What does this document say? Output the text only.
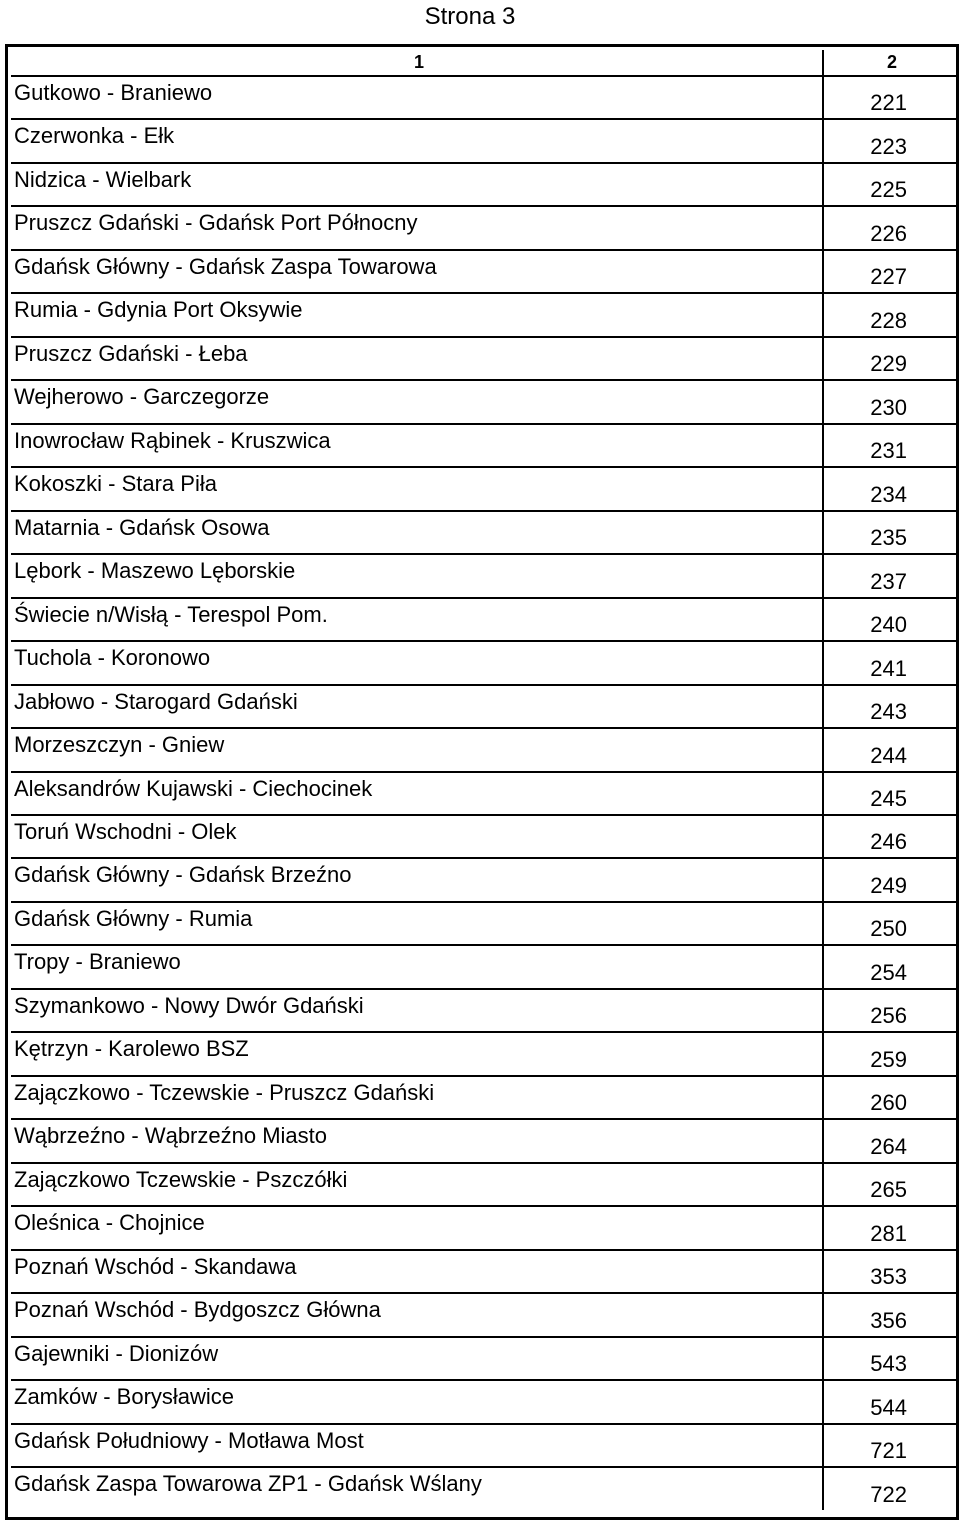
Strona 3
1	2
Gutkowo - Braniewo	221
Czerwonka - Ełk	223
Nidzica - Wielbark	225
Pruszcz Gdański - Gdańsk Port Północny	226
Gdańsk Główny - Gdańsk Zaspa Towarowa	227
Rumia - Gdynia Port Oksywie	228
Pruszcz Gdański - Łeba	229
Wejherowo - Garczegorze	230
Inowrocław Rąbinek - Kruszwica	231
Kokoszki - Stara Piła	234
Matarnia - Gdańsk Osowa	235
Lębork - Maszewo Lęborskie	237
Świecie n/Wisłą - Terespol Pom.	240
Tuchola - Koronowo	241
Jabłowo - Starogard Gdański	243
Morzeszczyn - Gniew	244
Aleksandrów Kujawski - Ciechocinek	245
Toruń Wschodni - Olek	246
Gdańsk Główny - Gdańsk Brzeźno	249
Gdańsk Główny - Rumia	250
Tropy - Braniewo	254
Szymankowo - Nowy Dwór Gdański	256
Kętrzyn - Karolewo BSZ	259
Zajączkowo - Tczewskie - Pruszcz Gdański	260
Wąbrzeźno - Wąbrzeźno Miasto	264
Zajączkowo Tczewskie - Pszczółki	265
Oleśnica - Chojnice	281
Poznań Wschód - Skandawa	353
Poznań Wschód - Bydgoszcz Główna	356
Gajewniki - Dionizów	543
Zamków - Borysławice	544
Gdańsk Południowy - Motława Most	721
Gdańsk Zaspa Towarowa ZP1 - Gdańsk Wślany	722
